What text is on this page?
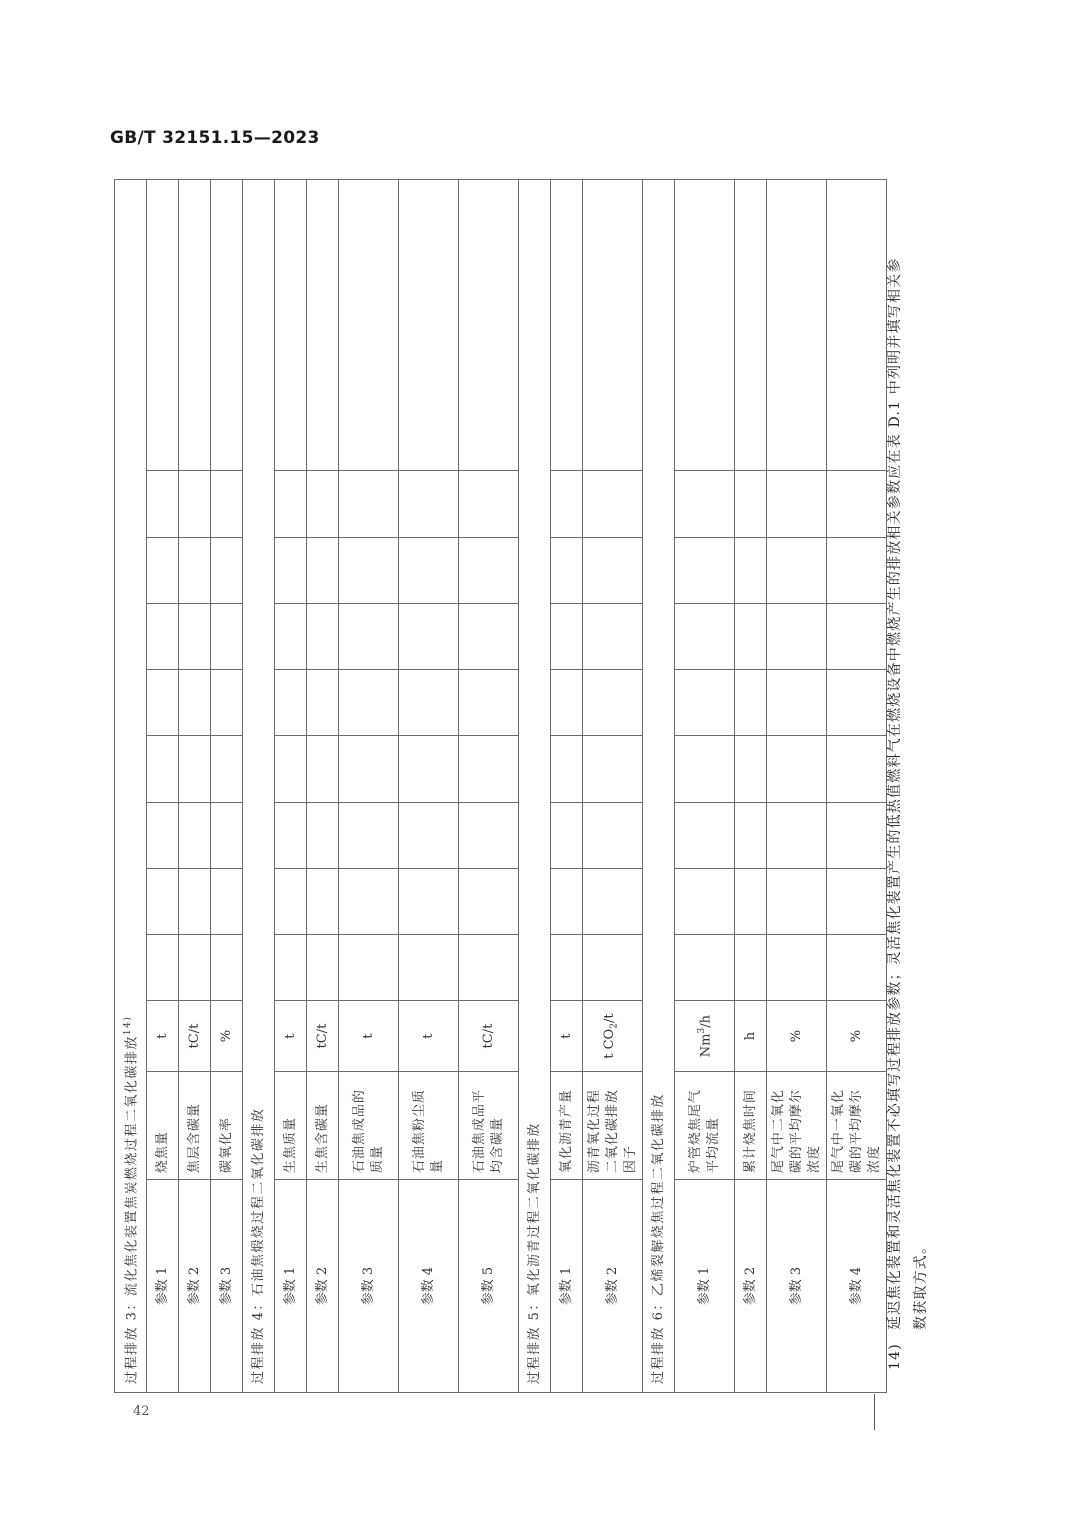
GB/T 32151.15—2023
过程排放 3：流化焦化装置焦炭燃烧过程二氧化碳排放$^{14)}$
参数 1	烧焦量	t									
参数 2	焦层含碳量	tC/t									
参数 3	碳氧化率	%									
过程排放 4：石油焦煅烧过程二氧化碳排放											
参数 1	生焦质量	t									
参数 2	生焦含碳量	tC/t									
参数 3	石油焦成品的质量	t									
参数 4	石油焦粉尘质量	t									
参数 5	石油焦成品平均含碳量	tC/t									
过程排放 5：氧化沥青过程二氧化碳排放											
参数 1	氧化沥青产量	t									
参数 2	沥青氧化过程二氧化碳排放因子	t $CO_2/t$									
过程排放 6：乙烯裂解烧焦过程二氧化碳排放											
参数 1	炉管烧焦尾气平均流量	Nm$^3$/h									
参数 2	累计烧焦时间	h									
参数 3	尾气中二氧化碳的平均摩尔浓度	%									
参数 4	尾气中一氧化碳的平均摩尔浓度	%									
42
14)延迟焦化装置和灵活焦化装置不必填写过程排放参数；灵活焦化装置产生的低热值燃料气在燃烧设备中燃烧产生的排放相关参数应在表 D.1 中列明并填写相关参 数获取方式。
